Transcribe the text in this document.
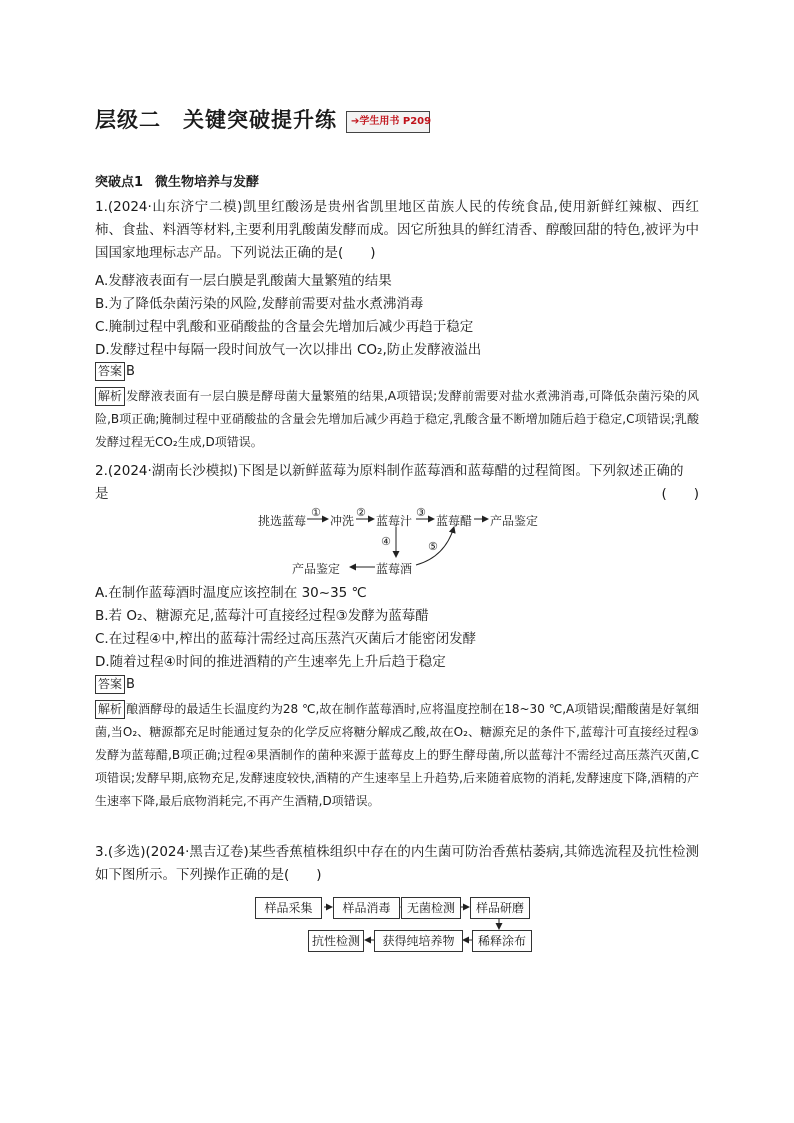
层级二 关键突破提升练	➔学生用书 P209
突破点1 微生物培养与发酵
1.(2024·山东济宁二模)凯里红酸汤是贵州省凯里地区苗族人民的传统食品,使用新鲜红辣椒、西红柿、食盐、料酒等材料,主要利用乳酸菌发酵而成。因它所独具的鲜红清香、醇酸回甜的特色,被评为中国国家地理标志产品。下列说法正确的是(　　)
A.发酵液表面有一层白膜是乳酸菌大量繁殖的结果
B.为了降低杂菌污染的风险,发酵前需要对盐水煮沸消毒
C.腌制过程中乳酸和亚硝酸盐的含量会先增加后减少再趋于稳定
D.发酵过程中每隔一段时间放气一次以排出 CO₂,防止发酵液溢出
答案 B
解析 发酵液表面有一层白膜是酵母菌大量繁殖的结果,A项错误;发酵前需要对盐水煮沸消毒,可降低杂菌污染的风险,B项正确;腌制过程中亚硝酸盐的含量会先增加后减少再趋于稳定,乳酸含量不断增加随后趋于稳定,C项错误;乳酸发酵过程无CO₂生成,D项错误。
2.(2024·湖南长沙模拟)下图是以新鲜蓝莓为原料制作蓝莓酒和蓝莓醋的过程简图。下列叙述正确的
是	(　　)
挑选蓝莓
①
冲洗
②
蓝莓汁
③
蓝莓醋 产品鉴定
④	⑤
蓝莓酒
产品鉴定
A.在制作蓝莓酒时温度应该控制在 30~35 ℃
B.若 O₂、糖源充足,蓝莓汁可直接经过程③发酵为蓝莓醋
C.在过程④中,榨出的蓝莓汁需经过高压蒸汽灭菌后才能密闭发酵
D.随着过程④时间的推进酒精的产生速率先上升后趋于稳定
答案 B
解析 酿酒酵母的最适生长温度约为28 ℃,故在制作蓝莓酒时,应将温度控制在18~30 ℃,A项错误;醋酸菌是好氧细菌,当O₂、糖源都充足时能通过复杂的化学反应将糖分解成乙酸,故在O₂、糖源充足的条件下,蓝莓汁可直接经过程③发酵为蓝莓醋,B项正确;过程④果酒制作的菌种来源于蓝莓皮上的野生酵母菌,所以蓝莓汁不需经过高压蒸汽灭菌,C项错误;发酵早期,底物充足,发酵速度较快,酒精的产生速率呈上升趋势,后来随着底物的消耗,发酵速度下降,酒精的产生速率下降,最后底物消耗完,不再产生酒精,D项错误。
3.(多选)(2024·黑吉辽卷)某些香蕉植株组织中存在的内生菌可防治香蕉枯萎病,其筛选流程及抗性检测如下图所示。下列操作正确的是(　　)
样品采集	样品消毒	无菌检测	样品研磨
稀释涂布
获得纯培养物
抗性检测
